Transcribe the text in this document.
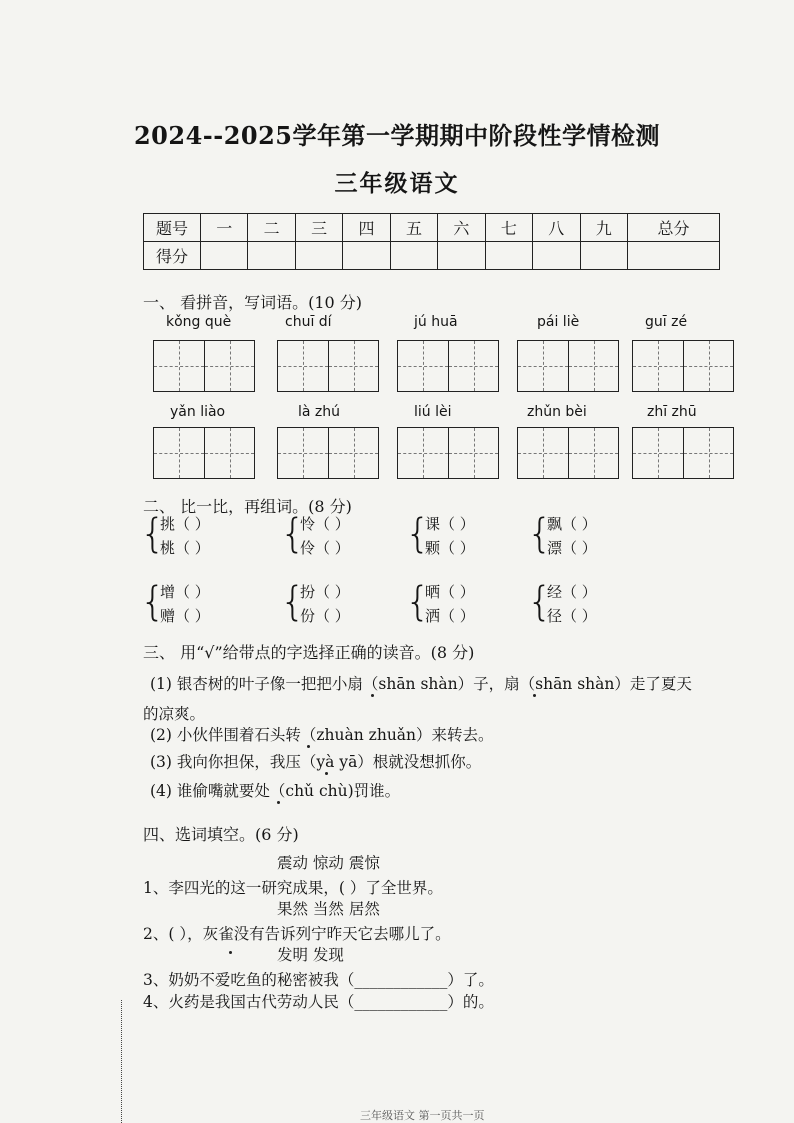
2024--2025学年第一学期期中阶段性学情检测
三年级语文
题号	一	二	三	四	五	六	七	八	九	总分
得分										
一、 看拼音，写词语。(10 分)
kǒng què	chuī dí	jú huā	pái liè	guī zé
yǎn liào	là zhú	liú lèi	zhǔn bèi	zhī zhū
二、 比一比，再组词。(8 分)
{
挑（ ）
桃（ ） {
怜（ ）
伶（ ） {
课（ ）
颗（ ） {
飘（ ）
漂（ ）
{
增（ ）
赠（ ） {
扮（ ）
份（ ） {
晒（ ）
洒（ ） {
经（ ）
径（ ）
三、 用“√”给带点的字选择正确的读音。(8 分)
(1) 银杏树的叶子像一把把小扇（shān shàn）子，扇（shān shàn）走了夏天
的凉爽。
(2) 小伙伴围着石头转（zhuàn zhuǎn）来转去。
(3) 我向你担保，我压（yà yā）根就没想抓你。
(4) 谁偷嘴就要处（chǔ chù)罚谁。
四、选词填空。(6 分)
震动 惊动 震惊
1、李四光的这一研究成果，( ）了全世界。
果然 当然 居然
2、( ），灰雀没有告诉列宁昨天它去哪儿了。
发明 发现
3、奶奶不爱吃鱼的秘密被我（____________）了。
4、火药是我国古代劳动人民（____________）的。
三年级语文 第一页共一页
